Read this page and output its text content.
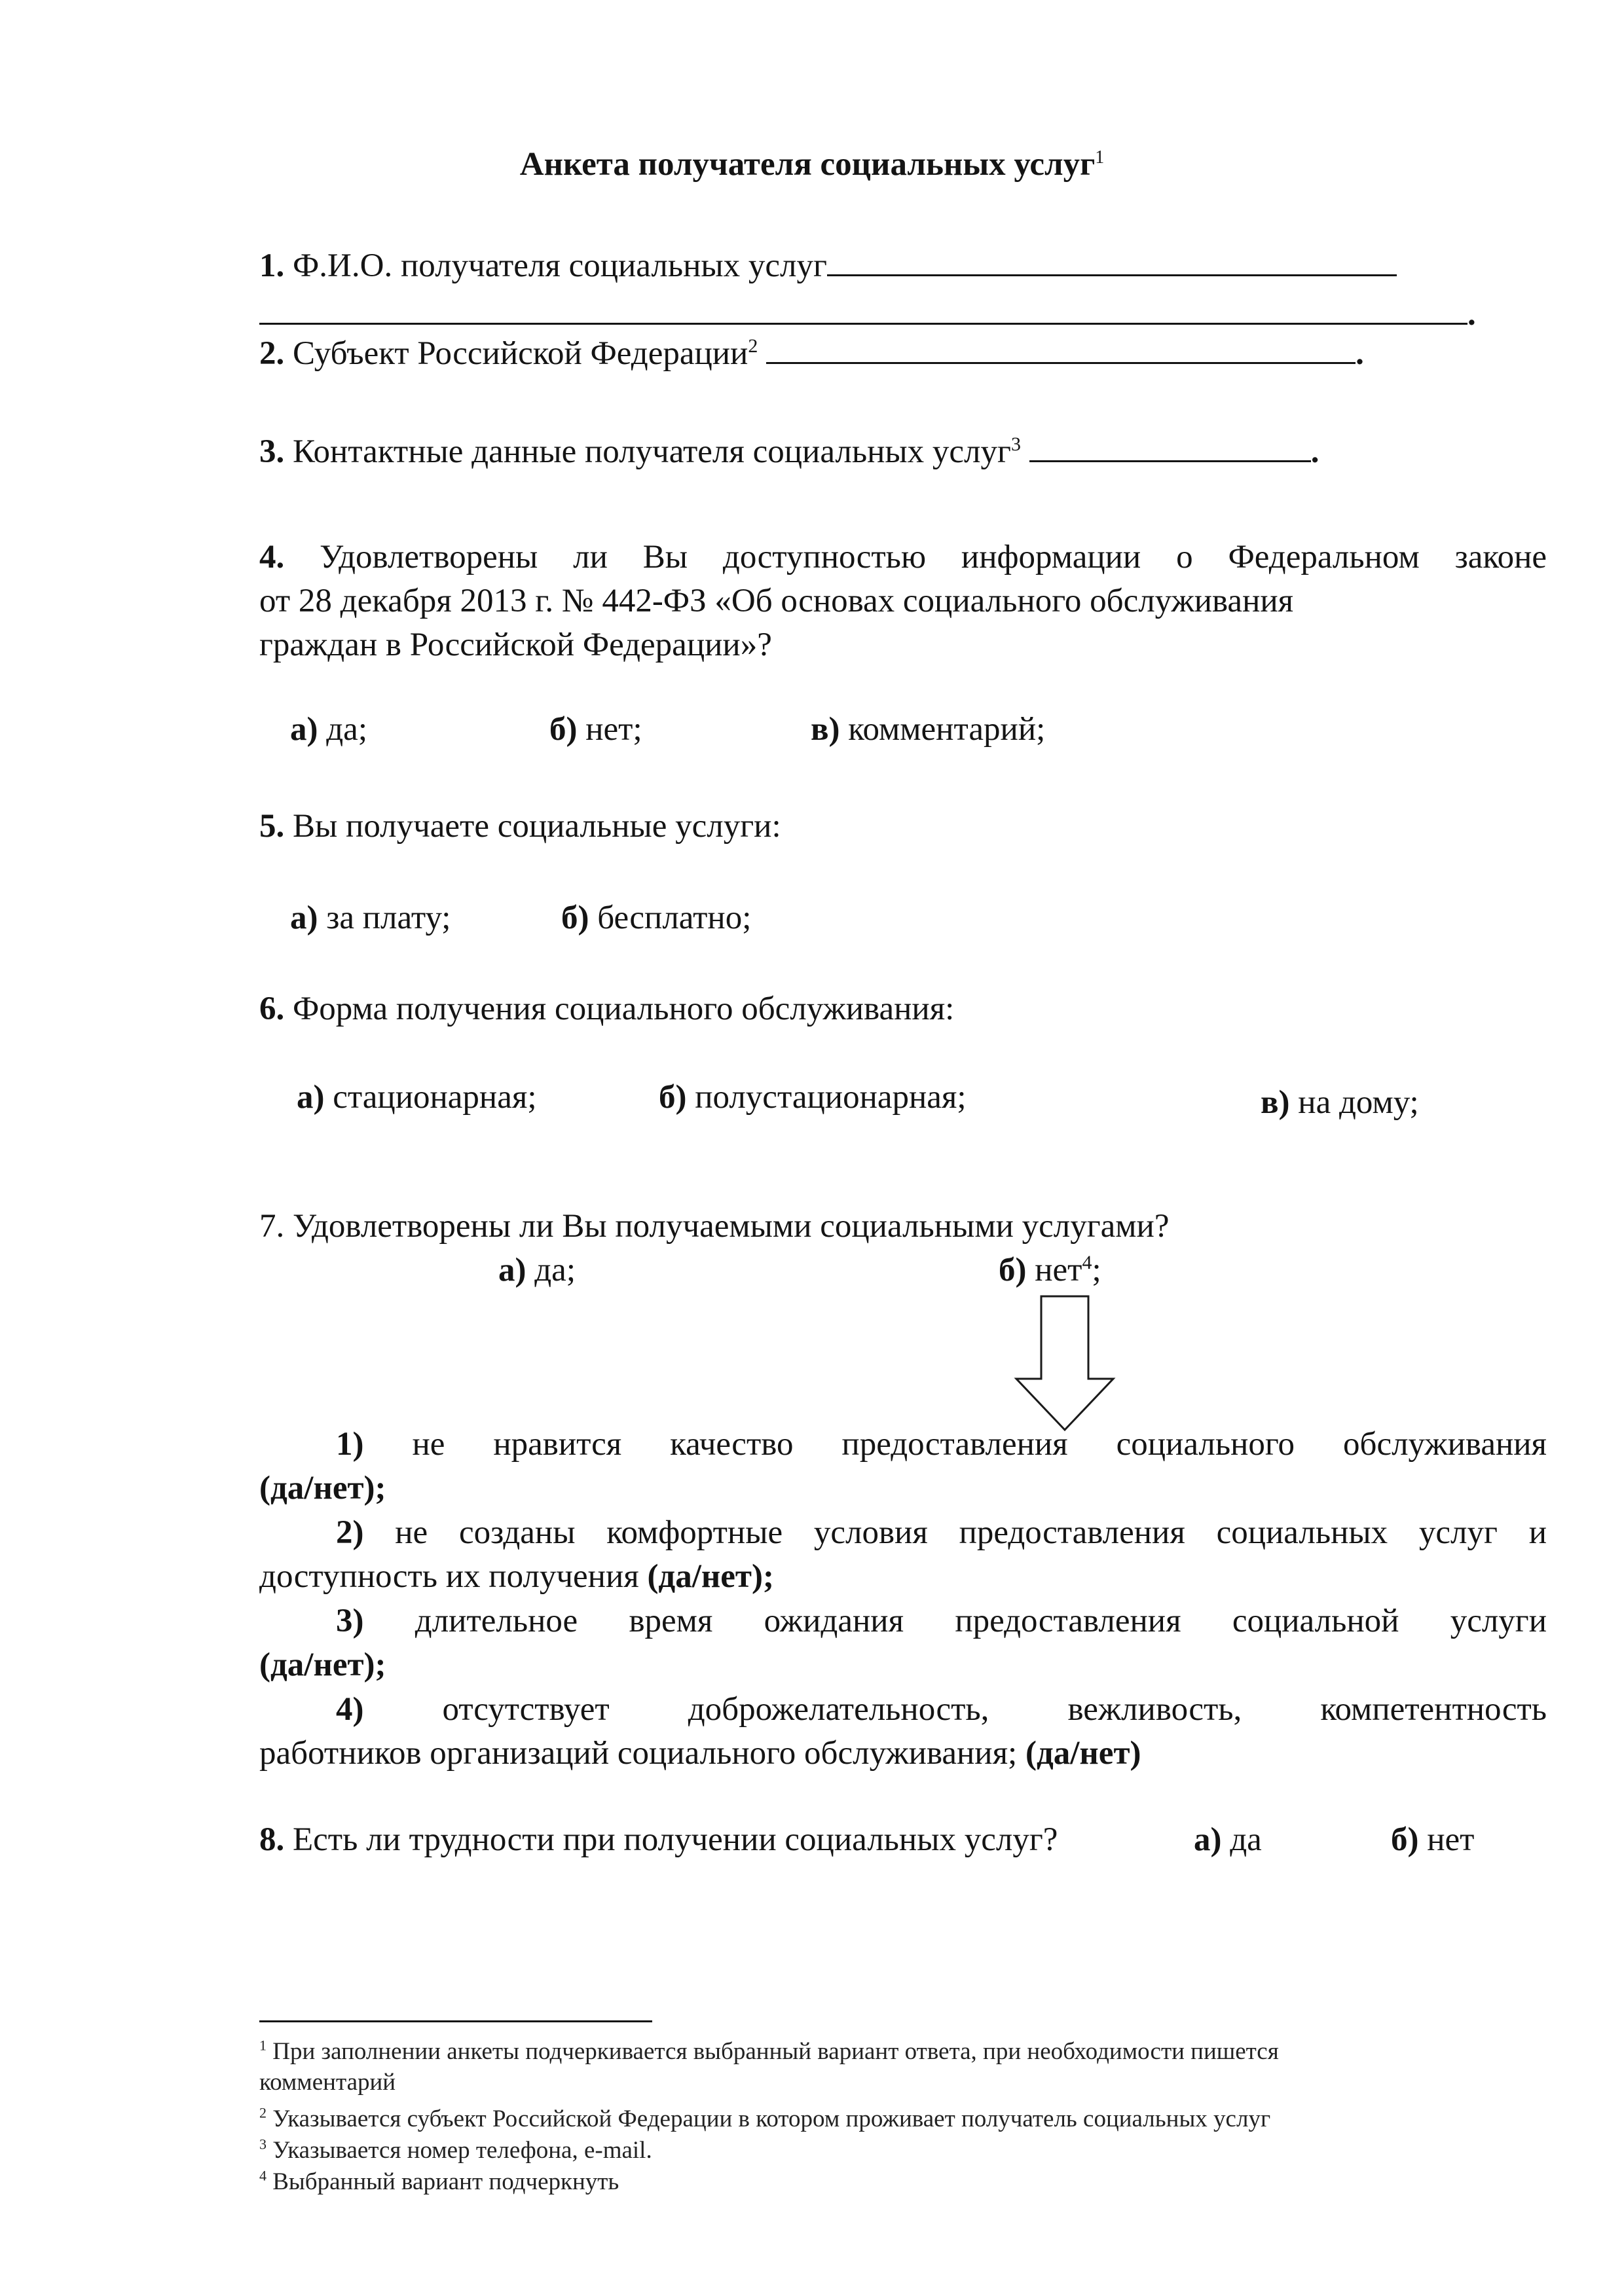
Анкета получателя социальных услуг$^1$
1. Ф.И.О. получателя социальных услуг
.
2. Субъект Российской Федерации$^2$	.
3. Контактные данные получателя социальных услуг$^3$	.
4. Удовлетворены ли Вы доступностью информации о Федеральном законе
от 28 декабря 2013 г. № 442-ФЗ «Об основах социального обслуживания
граждан в Российской Федерации»?
а) да;	б) нет;	в) комментарий;
5. Вы получаете социальные услуги:
а) за плату;	б) бесплатно;
6. Форма получения социального обслуживания:
а) стационарная;	б) полустационарная;	в) на дому;
7. Удовлетворены ли Вы получаемыми социальными услугами?
а) да;	б) нет$^4$;
1) не нравится качество предоставления социального обслуживания
(да/нет);
2) не созданы комфортные условия предоставления социальных услуг и
доступность их получения (да/нет);
3) длительное время ожидания предоставления социальной услуги
(да/нет);
4) отсутствует доброжелательность, вежливость, компетентность
работников организаций социального обслуживания; (да/нет)
8. Есть ли трудности при получении социальных услуг?	а) да	б) нет
$^1$ При заполнении анкеты подчеркивается выбранный вариант ответа, при необходимости пишется
комментарий
$^2$ Указывается субъект Российской Федерации в котором проживает получатель социальных услуг
$^3$ Указывается номер телефона, e-mail.
$^4$ Выбранный вариант подчеркнуть
